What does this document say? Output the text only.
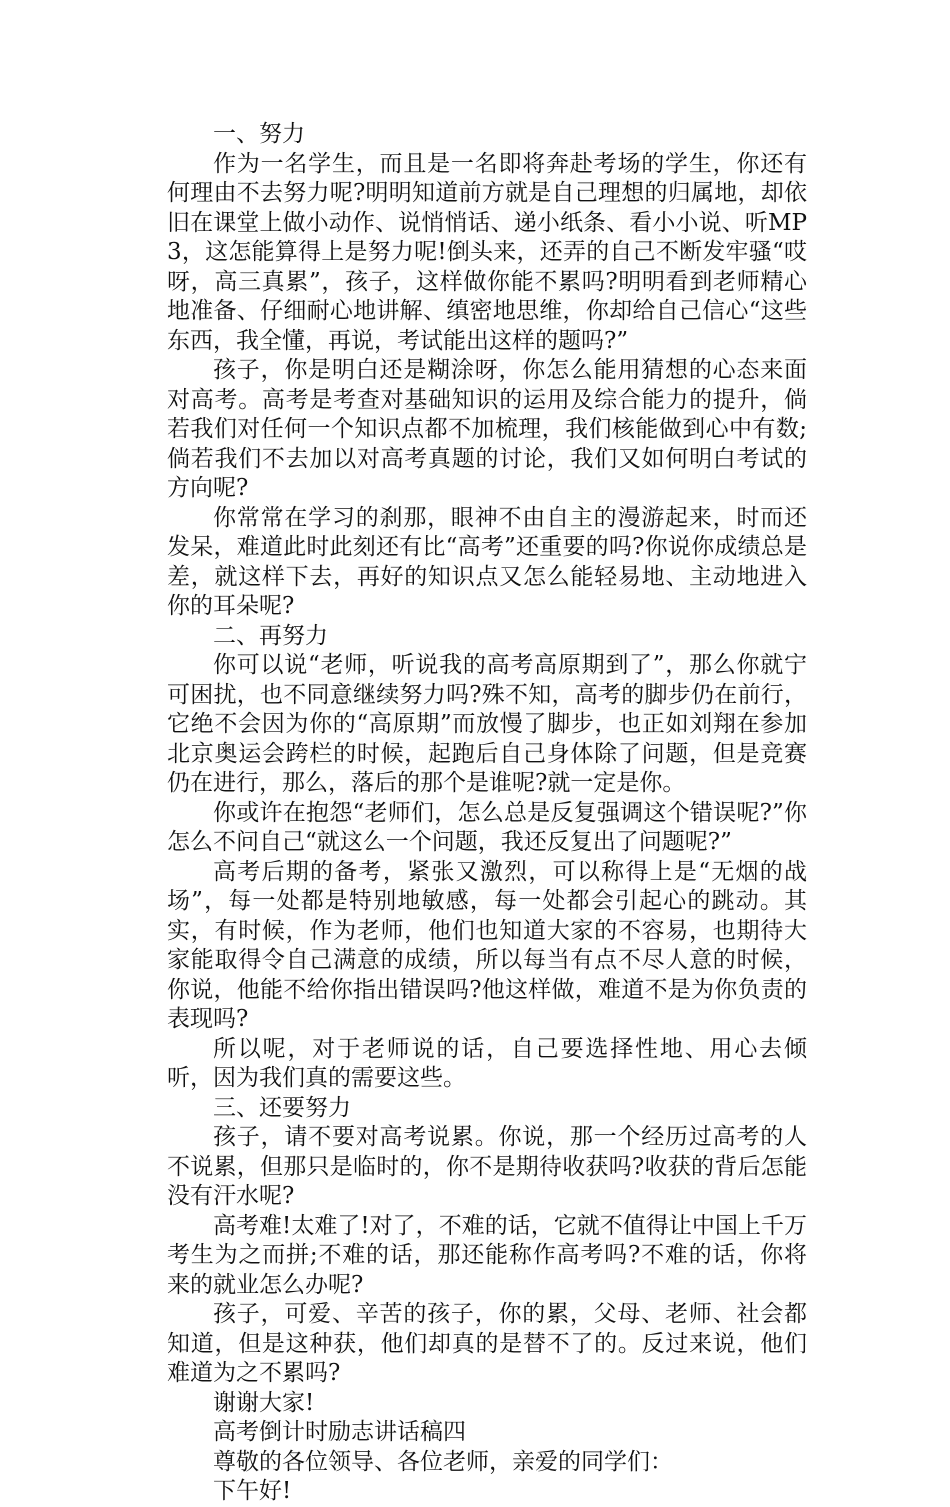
一、努力

作为一名学生，而且是一名即将奔赴考场的学生，你还有何理由不去努力呢?明明知道前方就是自己理想的归属地，却依旧在课堂上做小动作、说悄悄话、递小纸条、看小小说、听MP3，这怎能算得上是努力呢!倒头来，还弄的自己不断发牢骚“哎呀，高三真累”，孩子，这样做你能不累吗?明明看到老师精心地准备、仔细耐心地讲解、缜密地思维，你却给自己信心“这些东西，我全懂，再说，考试能出这样的题吗?”

孩子，你是明白还是糊涂呀，你怎么能用猜想的心态来面对高考。高考是考查对基础知识的运用及综合能力的提升，倘若我们对任何一个知识点都不加梳理，我们核能做到心中有数;倘若我们不去加以对高考真题的讨论，我们又如何明白考试的方向呢?

你常常在学习的刹那，眼神不由自主的漫游起来，时而还发呆，难道此时此刻还有比“高考”还重要的吗?你说你成绩总是差，就这样下去，再好的知识点又怎么能轻易地、主动地进入你的耳朵呢?

二、再努力

你可以说“老师，听说我的高考高原期到了”，那么你就宁可困扰，也不同意继续努力吗?殊不知，高考的脚步仍在前行，它绝不会因为你的“高原期”而放慢了脚步，也正如刘翔在参加北京奥运会跨栏的时候，起跑后自己身体除了问题，但是竞赛仍在进行，那么，落后的那个是谁呢?就一定是你。

你或许在抱怨“老师们，怎么总是反复强调这个错误呢?”你怎么不问自己“就这么一个问题，我还反复出了问题呢?”

高考后期的备考，紧张又激烈，可以称得上是“无烟的战场”，每一处都是特别地敏感，每一处都会引起心的跳动。其实，有时候，作为老师，他们也知道大家的不容易，也期待大家能取得令自己满意的成绩，所以每当有点不尽人意的时候，你说，他能不给你指出错误吗?他这样做，难道不是为你负责的表现吗?

所以呢，对于老师说的话，自己要选择性地、用心去倾听，因为我们真的需要这些。

三、还要努力

孩子，请不要对高考说累。你说，那一个经历过高考的人不说累，但那只是临时的，你不是期待收获吗?收获的背后怎能没有汗水呢?

高考难!太难了!对了，不难的话，它就不值得让中国上千万考生为之而拼;不难的话，那还能称作高考吗?不难的话，你将来的就业怎么办呢?

孩子，可爱、辛苦的孩子，你的累，父母、老师、社会都知道，但是这种获，他们却真的是替不了的。反过来说，他们难道为之不累吗?

谢谢大家!

高考倒计时励志讲话稿四

尊敬的各位领导、各位老师，亲爱的同学们：

下午好!
